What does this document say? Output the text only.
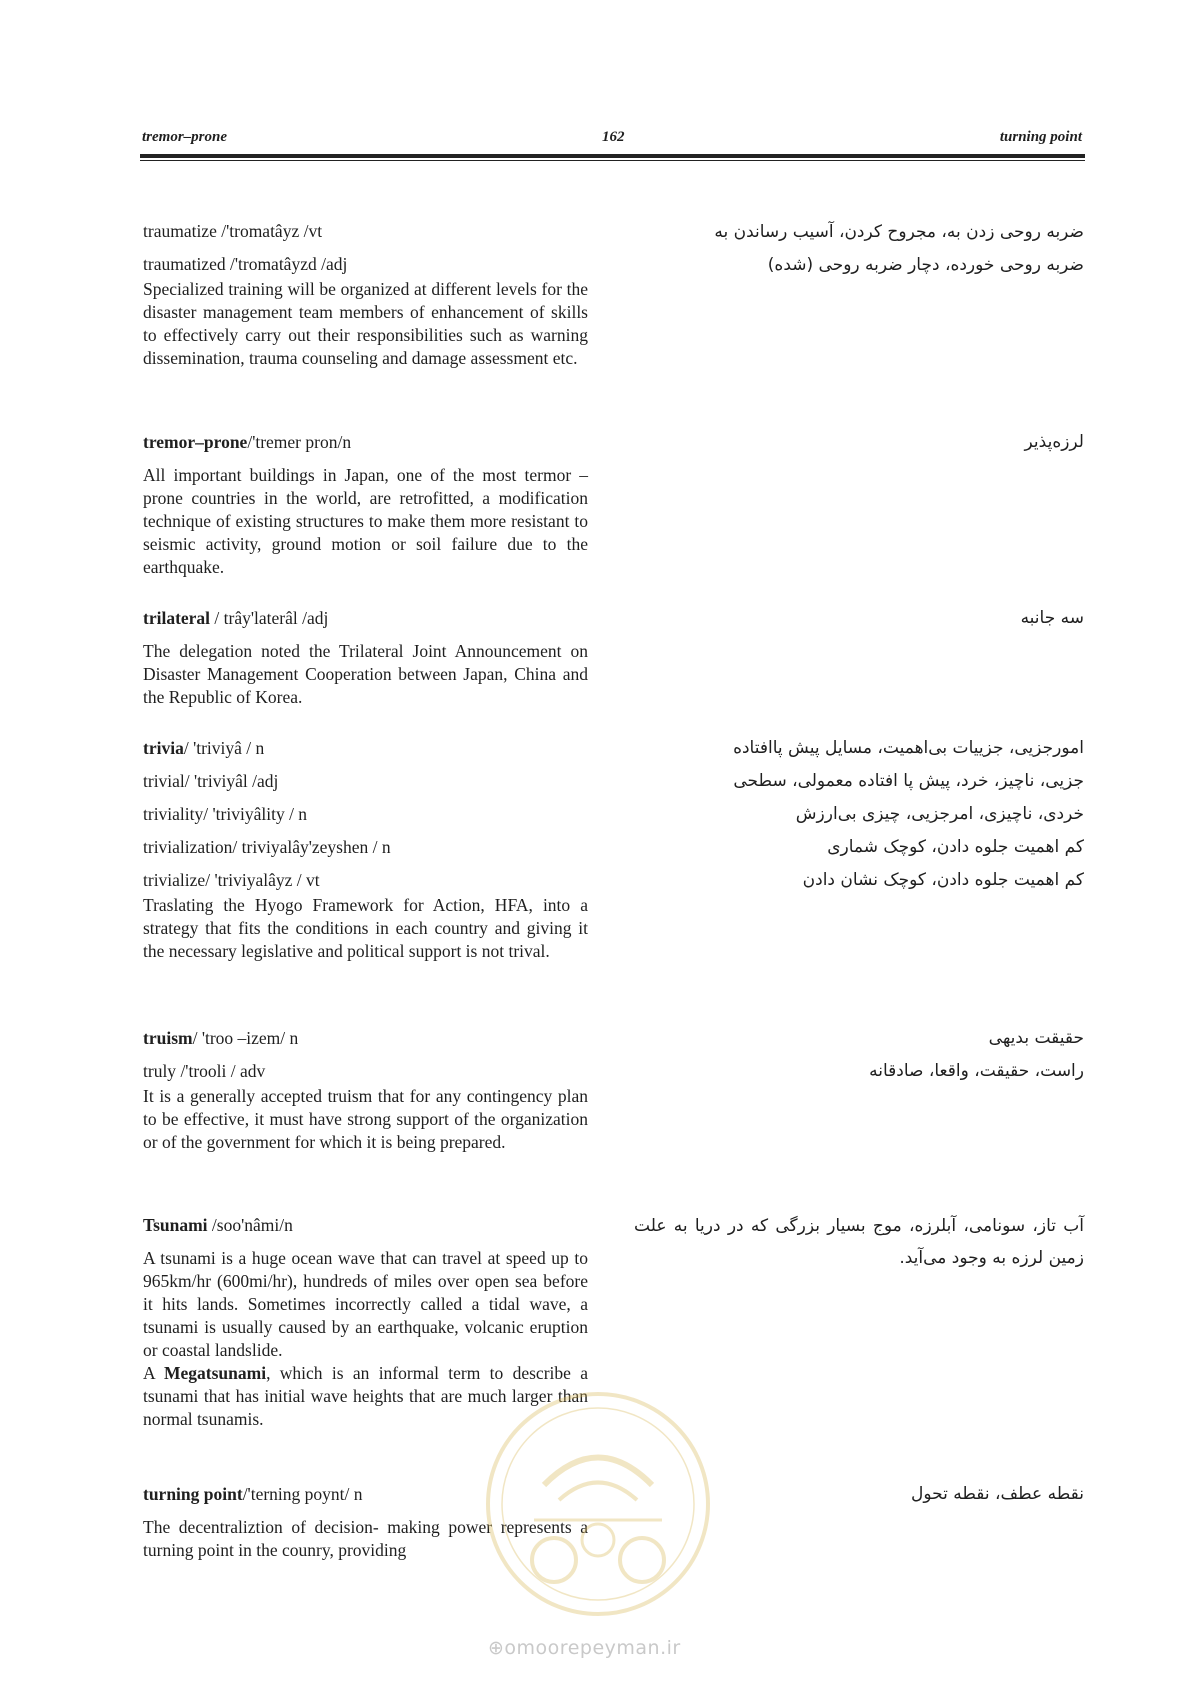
tremor–prone	162	turning point
traumatize /'tromatâyz /vt
traumatized /'tromatâyzd /adj

Specialized training will be organized at different levels for the disaster management team members of enhancement of skills to effectively carry out their responsibilities such as warning dissemination, trauma counseling and damage assessment etc.

ضربه روحی زدن به، مجروح کردن، آسیب رساندن به
ضربه روحی خورده، دچار ضربه روحی (شده)
tremor–prone/'tremer pron/n

All important buildings in Japan, one of the most termor – prone countries in the world, are retrofitted, a modification technique of existing structures to make them more resistant to seismic activity, ground motion or soil failure due to the earthquake.

لرزه‌پذیر
trilateral / trây'laterâl /adj

The delegation noted the Trilateral Joint Announcement on Disaster Management Cooperation between Japan, China and the Republic of Korea.

سه جانبه
trivia/ 'triviyâ / n
trivial/ 'triviyâl /adj
triviality/ 'triviyâlity / n
trivialization/ triviyalây'zeyshen / n
trivialize/ 'triviyalâyz / vt

Traslating the Hyogo Framework for Action, HFA, into a strategy that fits the conditions in each country and giving it the necessary legislative and political support is not trival.

امورجزیی، جزییات بی‌اهمیت، مسایل پیش پاافتاده
جزیی، ناچیز، خرد، پیش پا افتاده معمولی، سطحی
خردی، ناچیزی، امرجزیی، چیزی بی‌ارزش
کم اهمیت جلوه دادن، کوچک شماری
کم اهمیت جلوه دادن، کوچک نشان دادن
truism/ 'troo –izem/ n
truly /'trooli / adv

It is a generally accepted truism that for any contingency plan to be effective, it must have strong support of the organization or of the government for which it is being prepared.

حقیقت بدیهی
راست، حقیقت، واقعا، صادقانه
Tsunami /soo'nâmi/n

A tsunami is a huge ocean wave that can travel at speed up to 965km/hr (600mi/hr), hundreds of miles over open sea before it hits lands. Sometimes incorrectly called a tidal wave, a tsunami is usually caused by an earthquake, volcanic eruption or coastal landslide.

A Megatsunami, which is an informal term to describe a tsunami that has initial wave heights that are much larger than normal tsunamis.

آب تاز، سونامی، آبلرزه، موج بسیار بزرگی که در دریا به علت زمین لرزه به وجود می‌آید.
turning point/'terning poynt/ n

The decentraliztion of decision- making power represents a turning point in the counry, providing

نقطه عطف، نقطه تحول
⊕omoorepeyman.ir
